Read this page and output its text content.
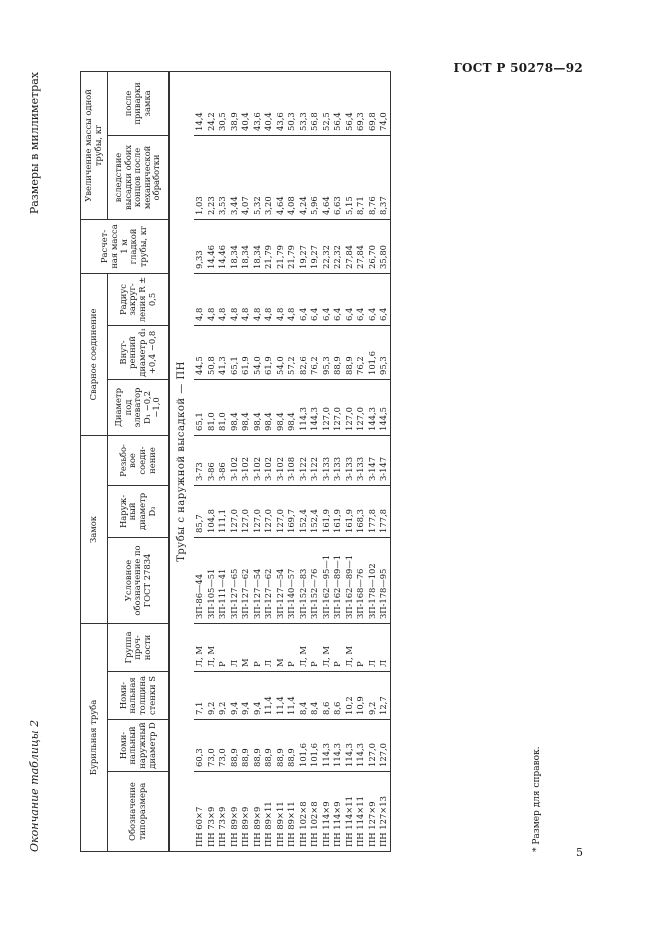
ГОСТ Р 50278—92
Окончание таблицы 2
Размеры в миллиметрах
Бурильная труба				Замок			Сварное соединение			Расчет-ная масса 1 м гладкой трубы, кг	Увеличение массы одной трубы, кг	
Обозначение типоразмера	Номи-нальный наружный диаметр D	Номи-нальная толщина стенки S	Группа проч-ности	Условное обозначение по ГОСТ 27834	Наруж-ный диаметр D₃	Резьбо-вое соеди-нение	Диаметр под элеватор D₁ −0,2 −1,0	Внут-ренний диаметр d₁ +0,4 −0,8	Радиус закруг-ления R ± 0,5		вследствие высадки обоих концов после механической обработки	после приварки замка
Трубы с наружной высадкой — ПН												
ПН 60×7	60,3	7,1	Л, М	ЗП-86—44	85,7	З-73	65,1	44,5	4,8	9,33	1,03	14,4
ПН 73×9	73,0	9,2	Л, М	ЗП-105—51	104,8	З-86	81,0	50,8	4,8	14,46	2,23	24,2
ПН 73×9	73,0	9,2	Р	ЗП-111—41	111,1	З-86	81,0	41,3	4,8	14,46	3,53	30,5
ПН 89×9	88,9	9,4	Л	ЗП-127—65	127,0	З-102	98,4	65,1	4,8	18,34	3,44	38,9
ПН 89×9	88,9	9,4	М	ЗП-127—62	127,0	З-102	98,4	61,9	4,8	18,34	4,07	40,4
ПН 89×9	88,9	9,4	Р	ЗП-127—54	127,0	З-102	98,4	54,0	4,8	18,34	5,32	43,6
ПН 89×11	88,9	11,4	Л	ЗП-127—62	127,0	З-102	98,4	61,9	4,8	21,79	3,20	40,4
ПН 89×11	88,9	11,4	М	ЗП-127—54	127,0	З-102	98,4	54,0	4,8	21,79	4,64	43,6
ПН 89×11	88,9	11,4	Р	ЗП-140—57	169,7	З-108	98,4	57,2	4,8	21,79	4,08	50,3
ПН 102×8	101,6	8,4	Л, М	ЗП-152—83	152,4	З-122	114,3	82,6	6,4	19,27	4,24	53,3
ПН 102×8	101,6	8,4	Р	ЗП-152—76	152,4	З-122	144,3	76,2	6,4	19,27	5,96	56,8
ПН 114×9	114,3	8,6	Л, М	ЗП-162—95—1	161,9	З-133	127,0	95,3	6,4	22,32	4,64	52,5
ПН 114×9	114,3	8,6	Р	ЗП-162—89—1	161,9	З-133	127,0	88,9	6,4	22,32	6,63	56,4
ПН 114×11	114,3	10,2	Л, М	ЗП-162—89—1	161,9	З-133	127,0	88,9	6,4	27,84	5,15	56,4
ПН 114×11	114,3	10,9	Р	ЗП-168—76	168,3	З-133	127,0	76,2	6,4	27,84	8,71	69,3
ПН 127×9	127,0	9,2	Л	ЗП-178—102	177,8	З-147	144,3	101,6	6,4	26,70	8,76	69,8
ПН 127×13	127,0	12,7	Л	ЗП-178—95	177,8	З-147	144,5	95,3	6,4	35,80	8,37	74,0
* Размер для справок.
5
